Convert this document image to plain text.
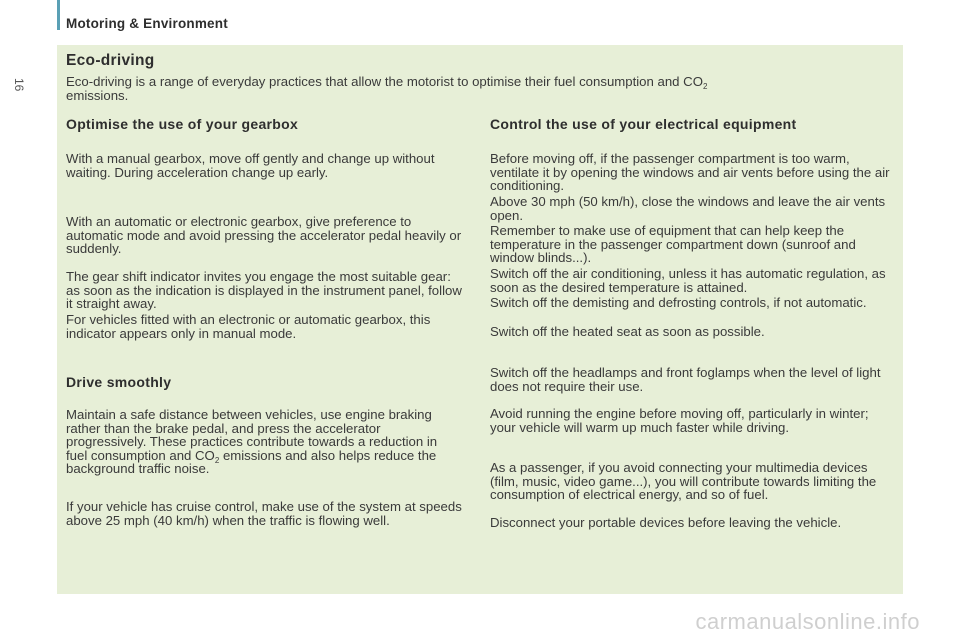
Motoring & Environment
16
Eco-driving

Eco-driving is a range of everyday practices that allow the motorist to optimise their fuel consumption and $CO_2$
emissions.

Optimise the use of your gearbox

With a manual gearbox, move off gently and change up without waiting. During acceleration change up early.

With an automatic or electronic gearbox, give preference to automatic mode and avoid pressing the accelerator pedal heavily or suddenly.

The gear shift indicator invites you engage the most suitable gear: as soon as the indication is displayed in the instrument panel, follow it straight away.

For vehicles fitted with an electronic or automatic gearbox, this indicator appears only in manual mode.

Drive smoothly

Maintain a safe distance between vehicles, use engine braking rather than the brake pedal, and press the accelerator progressively. These practices contribute towards a reduction in fuel consumption and $CO_2$ emissions and also helps reduce the background traffic noise.

If your vehicle has cruise control, make use of the system at speeds above 25 mph (40 km/h) when the traffic is flowing well.

Control the use of your electrical equipment

Before moving off, if the passenger compartment is too warm, ventilate it by opening the windows and air vents before using the air conditioning.

Above 30 mph (50 km/h), close the windows and leave the air vents open.

Remember to make use of equipment that can help keep the temperature in the passenger compartment down (sunroof and window blinds...).

Switch off the air conditioning, unless it has automatic regulation, as soon as the desired temperature is attained.

Switch off the demisting and defrosting controls, if not automatic.

Switch off the heated seat as soon as possible.

Switch off the headlamps and front foglamps when the level of light does not require their use.

Avoid running the engine before moving off, particularly in winter; your vehicle will warm up much faster while driving.

As a passenger, if you avoid connecting your multimedia devices (film, music, video game...), you will contribute towards limiting the consumption of electrical energy, and so of fuel.

Disconnect your portable devices before leaving the vehicle.

carmanualsonline.info
